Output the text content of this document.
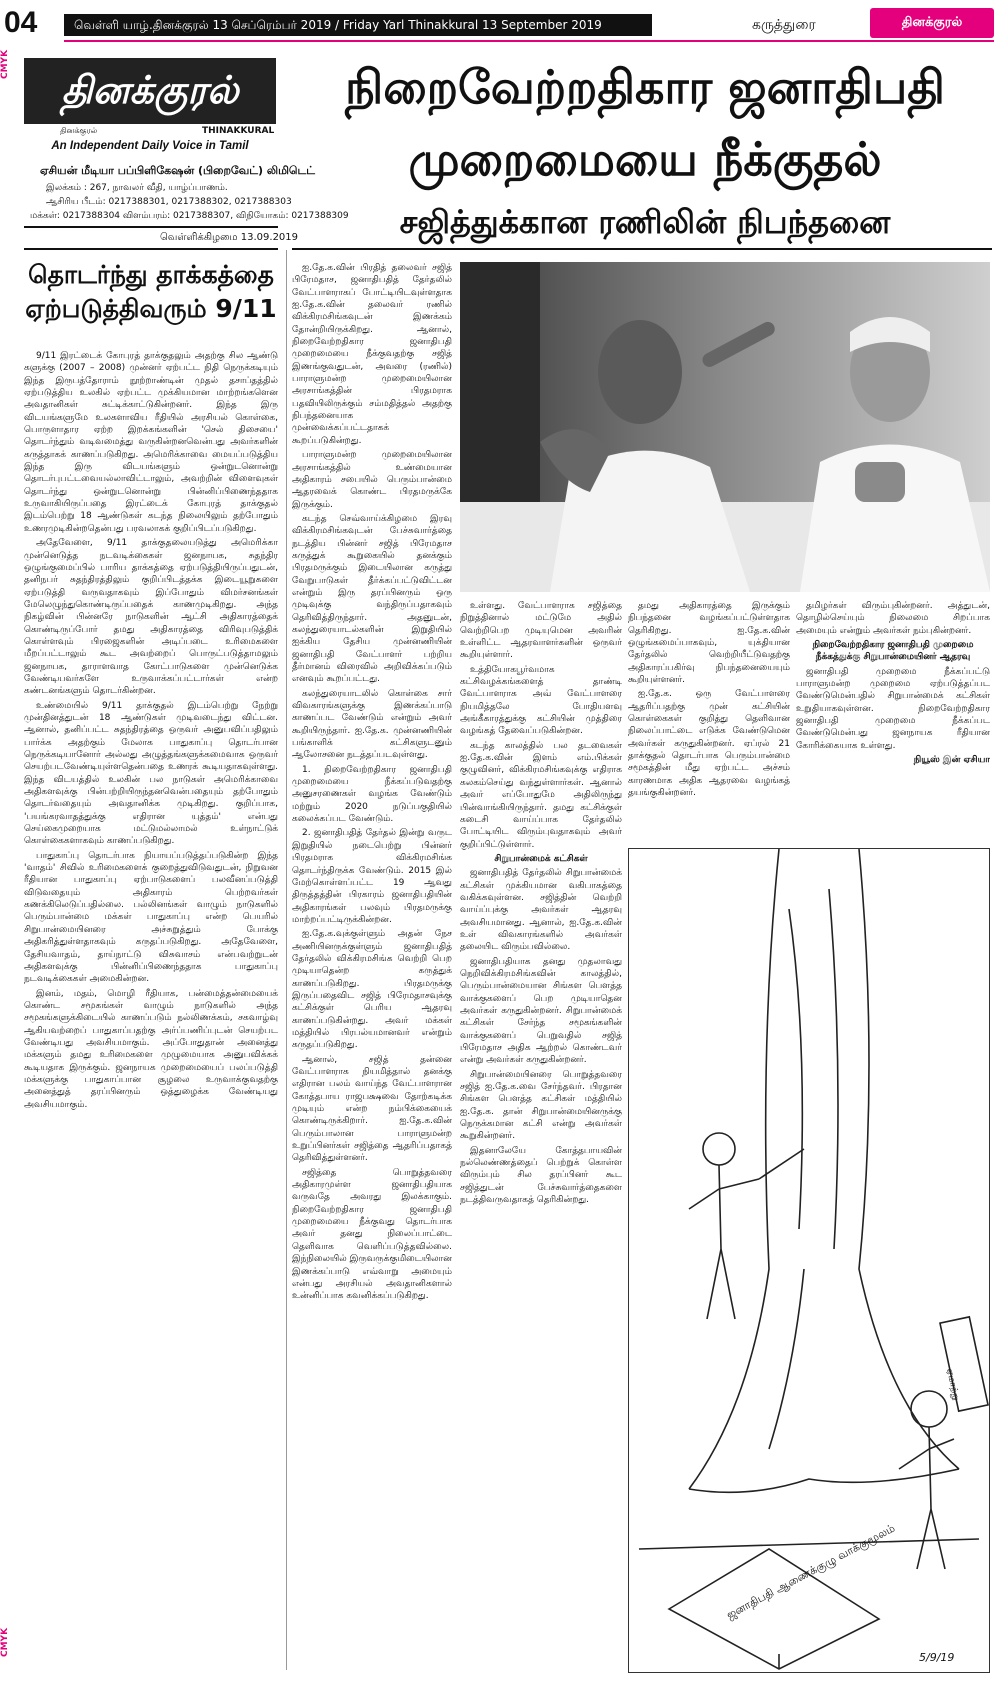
04	வெள்ளி யாழ்.தினக்குரல் 13 செப்ரெம்பர் 2019 / Friday Yarl Thinakkural 13 September 2019	கருத்துரை	தினக்குரல்
CMYK
CMYK
தினக்குரல்
தினக்குரல்	THINAKKURAL
An Independent Daily Voice in Tamil
ஏசியன் மீடியா பப்பிளிகேஷன் (பிறைவேட்) லிமிடெட்
இலக்கம் : 267, நாவலர் வீதி, யாழ்ப்பாணம்.
ஆசிரிய பீடம்: 0217388301, 0217388302, 0217388303
மக்கள்: 0217388304 விளம்பரம்: 0217388307, விநியோகம்: 0217388309
வெள்ளிக்கிழமை 13.09.2019
தொடர்ந்து தாக்கத்தை
ஏற்படுத்திவரும் 9/11

9/11 இரட்டைக் கோபுரத் தாக்குதலும் அதற்கு சில ஆண்டு களுக்கு (2007 – 2008) முன்னர் ஏற்பட்ட நிதி நெருக்கடியும் இந்த இருபத்தோராம் நூற்றாண்டின் முதல் தசாப்தத்தில் ஏற்படுத்திய உலகில் ஏற்பட்ட முக்கியமான மாற்றங்களென அவதானிகள் சுட்டிக்காட்டுகின்றனர். இந்த இரு விடயங்களுமே உலகளாவிய ரீதியில் அரசியல் கொள்கை, பொருளாதார ஏற்ற இறக்கங்களின் 'செல் திசையை' தொடர்ந்தும் வடிவமைத்து வருகின்றனவென்பது அவர்களின் கருத்தாகக் காணப்படுகிறது. அமெரிக்காவை மையப்படுத்திய இந்த இரு விடயங்களும் ஒன்றுடனொன்று தொடர்புபட்டவையல்லாவிட்டாலும், அவற்றின் விளைவுகள் தொடர்ந்து ஒன்றுடனொன்று பின்னிப்பிணைந்ததாக உருவாகியிருப்பதை இரட்டைக் கோபுரத் தாக்குதல் இடம்பெற்று 18 ஆண்டுகள் கடந்த நிலையிலும் தற்போதும் உணரமுடிகின்றதென்பது பரவலாகக் குறிப்பிடப்படுகிறது.

அதேவேளை, 9/11 தாக்குதலையடுத்து அமெரிக்கா முன்னெடுத்த நடவடிக்கைகள் ஜனநாயக, சுதந்திர ஒழுங்குமைப்பில் பாரிய தாக்கத்தை ஏற்படுத்தியிருப்பதுடன், தனிநபர் சுதந்திரத்திலும் குறிப்பிடத்தக்க இடையூறுகளை ஏற்படுத்தி வருவதாகவும் இப்போதும் விமர்சனங்கள் மேலெழுந்துகொண்டிருப்பதைக் காணமுடிகிறது. அந்த நிகழ்வின் பின்னரே நாடுகளின் ஆட்சி அதிகாரத்தைக் கொண்டிருப்போர் தமது அதிகாரத்தை விரிவுபடுத்திக் கொள்ளவும் பிரஜைகளின் அடிப்படை உரிமைகளை மீறப்பட்டாலும் கூட அவற்றைப் பொருட்படுத்தாமலும் ஜனநாயக, தாராளவாத கோட்பாடுகளை முன்னெடுக்க வேண்டியவர்களே உருவாக்கப்பட்டார்கள் என்ற கண்டனங்களும் தொடர்கின்றன.

உண்மையில் 9/11 தாக்குதல் இடம்பெற்று நேற்று முன்தினத்துடன் 18 ஆண்டுகள் முடிவடைந்து விட்டன. ஆனால், தனிப்பட்ட சுதந்திரத்தை ஒருவர் அனுபவிப்பதிலும் பார்க்க அதற்கும் மேலாக பாதுகாப்பு தொடர்பான நெருக்கடியானோர் அல்லது அழுத்தங்களுக்கமைவாக ஒருவர் செயற்படவேண்டியுள்ளதென்பதை உணரக் கூடியதாகவுள்ளது. இந்த விடயத்தில் உலகின் பல நாடுகள் அமெரிக்காவை அதிகளவுக்கு பின்பற்றியிருந்தனவென்பதையும் தற்போதும் தொடர்வதையும் அவதானிக்க முடிகிறது. குறிப்பாக, 'பயங்கரவாதத்துக்கு எதிரான யுத்தம்' என்பது செய்கைமுறையாக மட்டுமல்லாமல் உள்நாட்டுக் கொள்கைகளாகவும் காணப்படுகிறது.

பாதுகாப்பு தொடர்பாக நியாயப்படுத்தப்படுகின்ற இந்த 'வாதம்' சிவில் உரிமைகளைக் குறைத்துவிடுவதுடன், நிறுவன ரீதியான பாதுகாப்பு ஏற்பாடுகளைப் பலவீனப்படுத்தி விடுவதையும் அதிகாரம் பெற்றவர்கள் கணக்கிலெடுப்பதில்லை. பல்லினங்கள் வாழும் நாடுகளில் பெரும்பான்மை மக்கள் பாதுகாப்பு என்ற பெயரில் சிறுபான்மையினரை அச்சுறுத்தும் போக்கு அதிகரித்துள்ளதாகவும் கருதப்படுகிறது. அதேவேளை, தேசியவாதம், தாய்நாட்டு விசுவாசம் என்பவற்றுடன் அதிகளவுக்கு பின்னிப்பிணைந்ததாக பாதுகாப்பு நடவடிக்கைகள் அமைகின்றன.

இனம், மதம், மொழி ரீதியாக, பன்மைத்தன்மையைக் கொண்ட சமூகங்கள் வாழும் நாடுகளில் அந்த சமூகங்களுக்கிடையில் காணப்படும் நல்லிணக்கம், சகவாழ்வு ஆகியவற்றைப் பாதுகாப்பதற்கு அர்ப்பணிப்புடன் செயற்பட வேண்டியது அவசியமாகும். அப்போதுதான் அனைத்து மக்களும் தமது உரிமைகளை முழுமையாக அனுபவிக்கக் கூடியதாக இருக்கும். ஜனநாயக முறைமையைப் பலப்படுத்தி மக்களுக்கு பாதுகாப்பான சூழலை உருவாக்குவதற்கு அனைத்துத் தரப்பினரும் ஒத்துழைக்க வேண்டியது அவசியமாகும்.

நிறைவேற்றதிகார ஜனாதிபதி
முறைமையை நீக்குதல்
சஜித்துக்கான ரணிலின் நிபந்தனை

ஐ.தே.க.வின் பிரதித் தலைவர் சஜித் பிரேமதாச, ஜனாதிபதித் தேர்தலில் வேட்பாளராகப் போட்டியிடவுள்ளதாக ஐ.தே.க.வின் தலைவர் ரணில் விக்கிரமசிங்கவுடன் இணக்கம் தோன்றியிருக்கிறது. ஆனால், நிறைவேற்றதிகார ஜனாதிபதி முறைமையை நீக்குவதற்கு சஜித் இணங்குவதுடன், அவரை (ரணில்) பாராளுமன்ற முறைமையிலான அரசாங்கத்தின் பிரதமராக பதவியிலிருக்கும் சம்மதித்தல் அதற்கு நிபந்தனையாக முன்வைக்கப்பட்டதாகக் கூறப்படுகின்றது.

பாராளுமன்ற முறைமையிலான அரசாங்கத்தில் உண்மையான அதிகாரம் சபையில் பெரும்பான்மை ஆதரவைக் கொண்ட பிரதமருக்கே இருக்கும்.

கடந்த செவ்வாய்க்கிழமை இரவு விக்கிரமசிங்கவுடன் பேச்சுவார்த்தை நடத்திய பின்னர் சஜித் பிரேமதாச கருத்துக் கூறுகையில் தனக்கும் பிரதமருக்கும் இடையிலான கருத்து வேறுபாடுகள் தீர்க்கப்பட்டுவிட்டன என்றும் இரு தரப்பினரும் ஒரு முடிவுக்கு வந்திருப்பதாகவும் தெரிவித்திருந்தார். அதனுடன், கலந்துரையாடல்களின் இறுதியில் ஐக்கிய தேசிய முன்னணியின் ஜனாதிபதி வேட்பாளர் பற்றிய தீர்மானம் விரைவில் அறிவிக்கப்படும் எனவும் கூறப்பட்டது.

கலந்துரையாடலில் கொள்கை சார் விவகாரங்களுக்கு இணக்கப்பாடு காணப்பட வேண்டும் என்றும் அவர் கூறியிருந்தார். ஐ.தே.க. முன்னணியின் பங்காளிக் கட்சிகளுடனும் ஆலோசனை நடத்தப்படவுள்ளது.

1. நிறைவேற்றதிகார ஜனாதிபதி முறைமையை நீக்கப்படுவதற்கு அனுசரணைகள் வழங்க வேண்டும் மற்றும் 2020 நடுப்பகுதியில் கலைக்கப்பட வேண்டும்.

2. ஜனாதிபதித் தேர்தல் இன்று வருட இறுதியில் நடைபெற்று பின்னர் பிரதமராக விக்கிரமசிங்க தொடர்ந்திருக்க வேண்டும். 2015 இல் மேற்கொள்ளப்பட்ட 19 ஆவது திருத்தத்தின் பிரகாரம் ஜனாதிபதியின் அதிகாரங்கள் பலவும் பிரதமருக்கு மாற்றப்பட்டிருக்கின்றன.

ஐ.தே.க.வுக்குள்ளும் அதன் நேச அணியினருக்குள்ளும் ஜனாதிபதித் தேர்தலில் விக்கிரமசிங்க வெற்றி பெற முடியாதென்ற கருத்துக் காணப்படுகிறது. பிரதமருக்கு இருப்பதைவிட சஜித் பிரேமதாசவுக்கு கட்சிக்குள் பெரிய ஆதரவு காணப்படுகின்றது. அவர் மக்கள் மத்தியில் பிரபல்யமானவர் என்றும் கருதப்படுகிறது.

ஆனால், சஜித் தன்னை வேட்பாளராக நியமித்தால் தனக்கு எதிரான பலம் வாய்ந்த வேட்பாளரான கோத்தபாய ராஜபக்ஷவை தோற்கடிக்க முடியும் என்ற நம்பிக்கையைக் கொண்டிருக்கிறார். ஐ.தே.க.வின் பெரும்பாலான பாராளுமன்ற உறுப்பினர்கள் சஜித்தை ஆதரிப்பதாகத் தெரிவித்துள்ளனர்.

சஜித்தை பொறுத்தவரை அதிகாரமுள்ள ஜனாதிபதியாக வருவதே அவரது இலக்காகும். நிறைவேற்றதிகார ஜனாதிபதி முறைமையை நீக்குவது தொடர்பாக அவர் தனது நிலைப்பாட்டை தெளிவாக வெளிப்படுத்தவில்லை. இந்நிலையில் இருவருக்குமிடையிலான இணக்கப்பாடு எவ்வாறு அமையும் என்பது அரசியல் அவதானிகளால் உன்னிப்பாக கவனிக்கப்படுகிறது.

உள்ளது. வேட்பாளராக சஜித்தை நிறுத்தினால் மட்டுமே அதில் வெற்றிபெற முடியுமென அவரின் உள்ளிட்ட ஆதரவாளர்களின் ஒருவர் கூறியுள்ளார்.

உத்தியோகபூர்வமாக கட்சிவழக்கங்களைத் தாண்டி வேட்பாளராக அவ் வேட்பாளரை நியமித்தலே போதியளவு அங்கீகாரத்துக்கு கட்சியின் முத்திரை வழங்கத் தேவைப்படுகின்றன.

கடந்த காலத்தில் பல தடவைகள் ஐ.தே.க.வின் இளம் எம்.பிக்கள் குழுவினர், விக்கிரமசிங்கவுக்கு எதிராக கலகம்செய்து வந்துள்ளார்கள். ஆனால் அவர் எப்போதுமே அதிலிருந்து பின்வாங்கியிருந்தார். தமது கட்சிக்குள் கடைசி வாய்ப்பாக தேர்தலில் போட்டியிட விரும்புவதாகவும் அவர் குறிப்பிட்டுள்ளார்.

சிறுபான்மைக் கட்சிகள்

ஜனாதிபதித் தேர்தலில் சிறுபான்மைக் கட்சிகள் முக்கியமான வகிபாகத்தை வகிக்கவுள்ளன. சஜித்தின் வெற்றி வாய்ப்புக்கு அவர்கள் ஆதரவு அவசியமானது. ஆனால், ஐ.தே.க.வின் உள் விவகாரங்களில் அவர்கள் தலையிட விரும்பவில்லை.

ஜனாதிபதியாக தனது முதலாவது நெறிவிக்கிரமசிங்கவின் காலத்தில், பெரும்பான்மையான சிங்கள பௌத்த வாக்குகளைப் பெற முடியாதென அவர்கள் கருதுகின்றனர். சிறுபான்மைக் கட்சிகள் சேர்ந்த சமூகங்களின் வாக்குகளைப் பெறுவதில் சஜித் பிரேமதாச அதிக ஆற்றல் கொண்டவர் என்று அவர்கள் கருதுகின்றனர்.

சிறுபான்மையினரை பொறுத்தவரை சஜித் ஐ.தே.க.வை சேர்ந்தவர். பிரதான சிங்கள பௌத்த கட்சிகள் மத்தியில் ஐ.தே.க. தான் சிறுபான்மையினருக்கு நெருக்கமான கட்சி என்று அவர்கள் கூறுகின்றனர்.

இதனாலேயே கோத்தபாயவின் நல்லெண்ணத்தைப் பெற்றுக் கொள்ள விரும்பும் சில தரப்பினர் கூட சஜித்துடன் பேச்சுவார்த்தைகளை நடத்திவருவதாகத் தெரிகின்றது.

தமது அதிகாரத்தை இருக்கும் நிபந்தனை வழங்கப்பட்டுள்ளதாக தெரிகிறது. ஐ.தே.க.வின் ஒழுங்கமைப்பாகவும், யுக்தியான தேர்தலில் வெற்றியீட்டுவதற்கு அதிகாரப்பகிர்வு நிபந்தனையையும் கூறியுள்ளனர்.

ஐ.தே.க. ஒரு வேட்பாளரை ஆதரிப்பதற்கு முன் கட்சியின் கொள்கைகள் குறித்து தெளிவான நிலைப்பாட்டை எடுக்க வேண்டுமென அவர்கள் கருதுகின்றனர். ஏப்ரல் 21 தாக்குதல் தொடர்பாக பெரும்பான்மை சமூகத்தின் மீது ஏற்பட்ட அச்சம் காரணமாக அதிக ஆதரவை வழங்கத் தயங்குகின்றனர்.

தமிழர்கள் விரும்புகின்றனர். அத்துடன், தொழில்செய்யும் நிலைமை சிறப்பாக அமையும் என்றும் அவர்கள் நம்புகின்றனர்.

நிறைவேற்றதிகார ஜனாதிபதி முறைமை நீக்கத்துக்கு சிறுபான்மையினர் ஆதரவு

ஜனாதிபதி முறைமை நீக்கப்பட்டு பாராளுமன்ற முறைமை ஏற்படுத்தப்பட வேண்டுமென்பதில் சிறுபான்மைக் கட்சிகள் உறுதியாகவுள்ளன. நிறைவேற்றதிகார ஜனாதிபதி முறைமை நீக்கப்பட வேண்டுமென்பது ஜனநாயக ரீதியான கோரிக்கையாக உள்ளது.

நியூஸ் இன் ஏசியா

ஜனாதிபதி ஆணைக்குழு வாக்குமூலம்
ஏமாற்று
5/9/19
